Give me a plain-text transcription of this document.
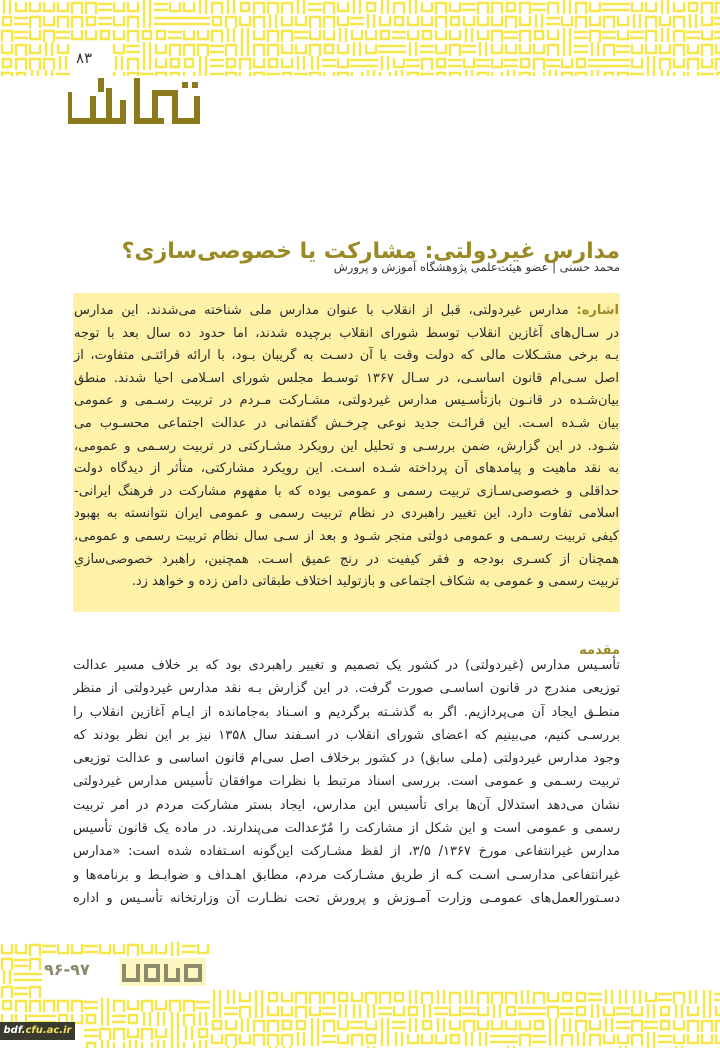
۸۳
مدارس غیردولتی: مشارکت یا خصوصی‌سازی؟
محمد حسنی | عضو هیئت‌علمی پژوهشگاه آموزش و پرورش

اشاره: مدارس غیردولتی، قبل از انقلاب با عنوان مدارس ملی شناخته می‌شدند. این مدارس

در سـال‌های آغازین انقلاب توسط شورای انقلاب برچیده شدند، اما حدود ده سال بعد با توجه

بـه برخی مشـکلات مالی که دولت وقت با آن دسـت به گریبان بـود، با ارائه قرائتـی متفاوت، از

اصل سـی‌ام قانون اساسـی، در سـال ۱۳۶۷ توسـط مجلس شورای اسـلامی احیا شدند. منطق

بیان‌شـده در قانـون بازتأسـیس مدارس غیردولتی، مشـارکت مـردم در تربیت رسـمی و عمومی

بیان شـده اسـت. این قرائـت جدید نوعی چرخـش گفتمانی در عدالت اجتماعی محسـوب می

شـود. در این گزارش، ضمن بررسـی و تحلیل این رویکرد مشـارکتی در تربیت رسـمی و عمومی،

به نقد ماهیت و پیامدهای آن پرداخته شـده اسـت. این رویکرد مشارکتی، متأثر از دیدگاه دولت

حداقلی و خصوصی‌سـازی تربیت رسمی و عمومی بوده که با مفهوم مشارکت در فرهنگ ایرانی-

اسلامی تفاوت دارد. این تغییر راهبردی در نظام تربیت رسمی و عمومی ایران نتوانسته به بهبود

کیفی تربیت رسـمی و عمومی دولتی منجر شـود و بعد از سـی سال نظام تربیت رسمی و عمومی،

همچنان از کسـری بودجه و فقر کیفیت در رنج عمیق اسـت. همچنین، راهبرد خصوصی‌سازیِ

تربیت رسمی و عمومی به شکاف اجتماعی و بازتولید اختلاف طبقاتی دامن زده و خواهد زد.

مقدمه

تأسـیس مدارس (غیردولتی) در کشور یک تصمیم و تغییر راهبردی بود که بر خلاف مسیر عدالت

توزیعی مندرج در قانون اساسـی صورت گرفت. در این گزارش بـه نقد مدارس غیردولتی از منظر

منطـق ایجاد آن می‌پردازیم. اگر به گذشـته برگردیم و اسـناد به‌جامانده از ایـام آغازین انقلاب را

بررسـی کنیم، می‌بینیم که اعضای شورای انقلاب در اسـفند سال ۱۳۵۸ نیز بر این نظر بودند که

وجود مدارس غیردولتی (ملی سابق) در کشور برخلاف اصل سی‌ام قانون اساسی و عدالت توزیعی

تربیت رسـمی و عمومی است. بررسی اسناد مرتبط با نظرات موافقان تأسیس مدارس غیردولتی

نشان می‌دهد استدلال آن‌ها برای تأسیس این مدارس، ایجاد بستر مشارکت مردم در امر تربیت

رسمی و عمومی است و این شکل از مشارکت را مُرّعدالت می‌پندارند. در ماده یک قانون تأسیس

مدارس غیرانتفاعی مورخ ۱۳۶۷/ ۳/۵، از لفظ مشـارکت این‌گونه اسـتفاده شده است: «مدارس

غیرانتفاعی مدارسـی اسـت کـه از طریق مشـارکت مردم، مطابق اهـداف و ضوابـط و برنامه‌ها و

دسـتورالعمل‌های عمومـی وزارت آمـوزش و پرورش تحت نظـارت آن وزارتخانه تأسـیس و اداره

۹۶-۹۷
bdf.cfu.ac.ir
